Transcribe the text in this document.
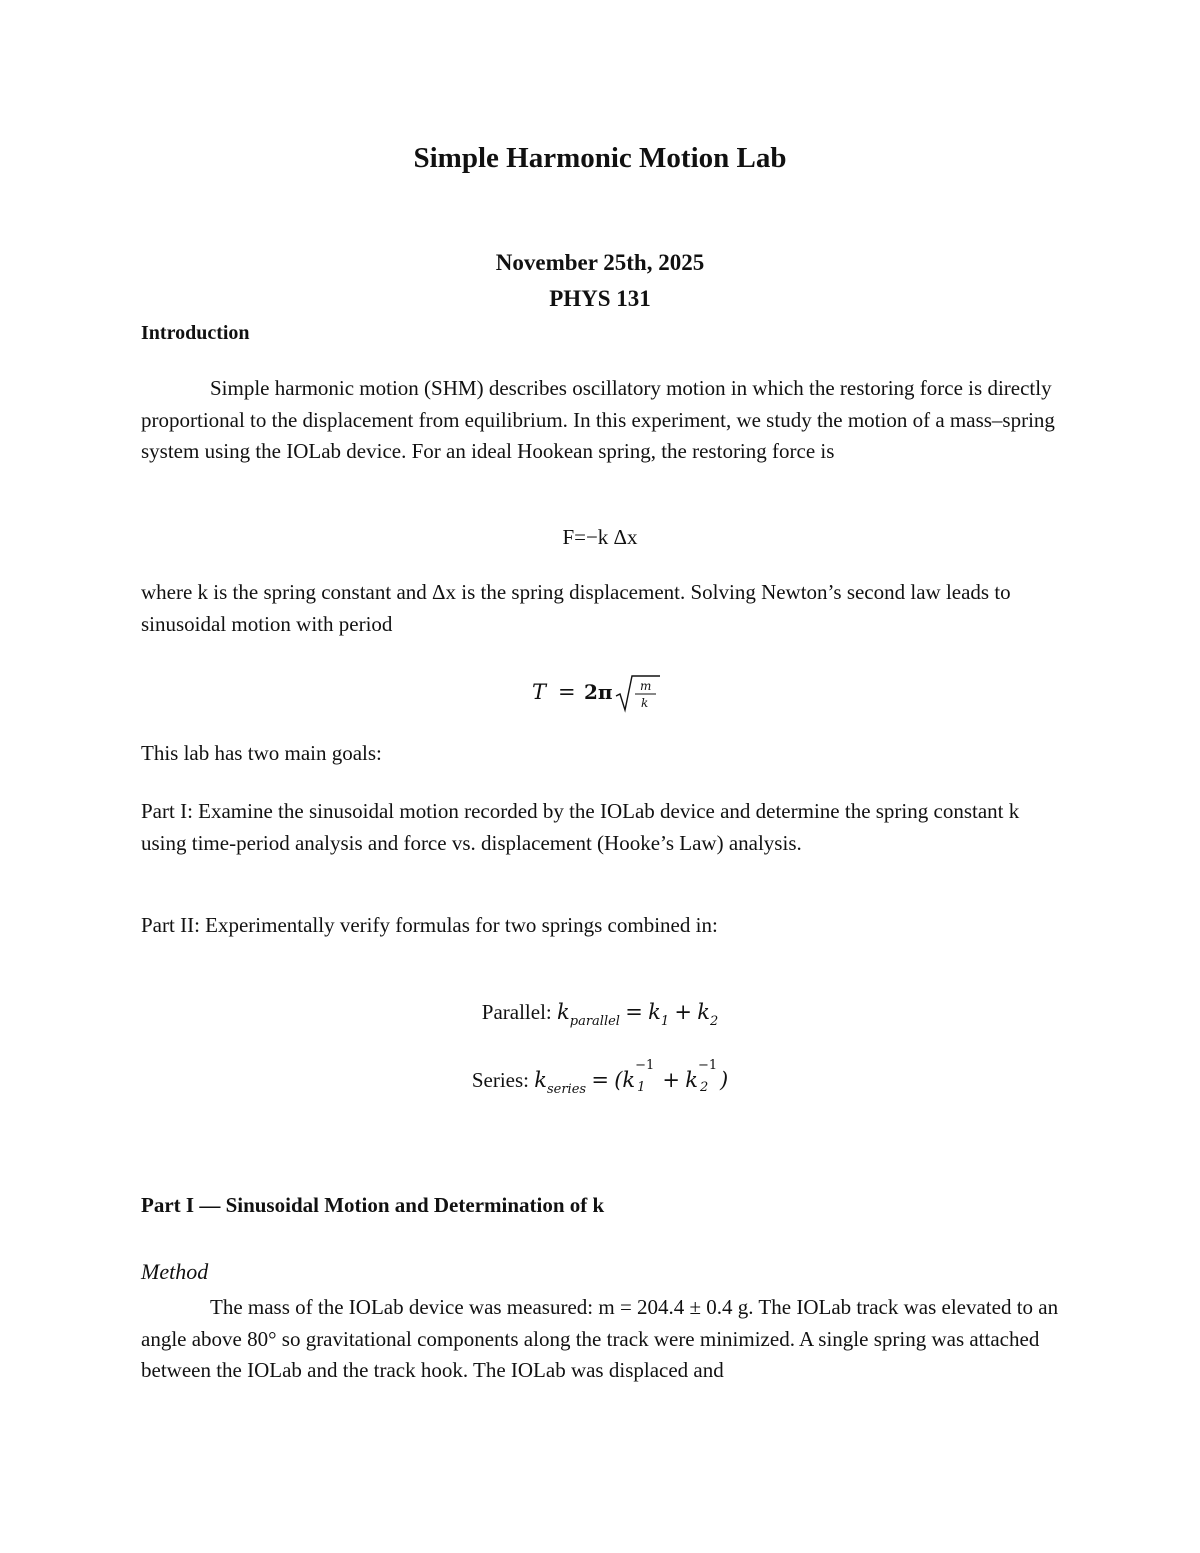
Simple Harmonic Motion Lab
November 25th, 2025
PHYS 131
Introduction
Simple harmonic motion (SHM) describes oscillatory motion in which the restoring force is directly proportional to the displacement from equilibrium. In this experiment, we study the motion of a mass–spring system using the IOLab device. For an ideal Hookean spring, the restoring force is
F=−k Δx
where k is the spring constant and Δx is the spring displacement. Solving Newton’s second law leads to sinusoidal motion with period
T = 2π m
k
This lab has two main goals:
Part I: Examine the sinusoidal motion recorded by the IOLab device and determine the spring constant k using time-period analysis and force vs. displacement (Hooke’s Law) analysis.
Part II: Experimentally verify formulas for two springs combined in:
Parallel: $k_{parallel} = k_1 + k_2$
Series: $k_{series} = (k$
−1
1 + k
−1
2 )
Part I — Sinusoidal Motion and Determination of k
Method
The mass of the IOLab device was measured: m = 204.4 ± 0.4 g. The IOLab track was elevated to an angle above 80° so gravitational components along the track were minimized. A single spring was attached between the IOLab and the track hook. The IOLab was displaced and
